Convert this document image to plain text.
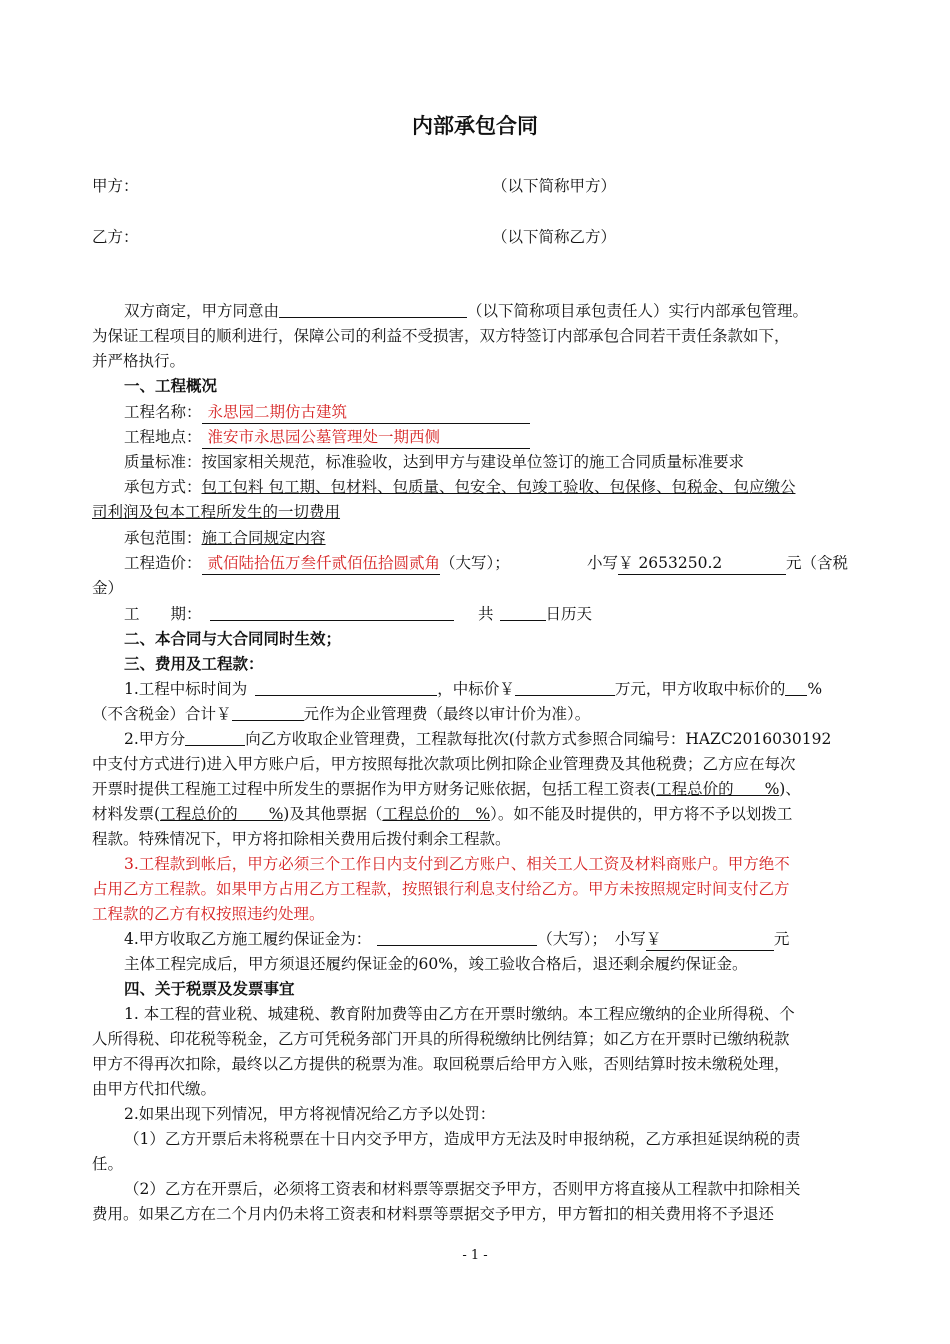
内部承包合同
甲方：	（以下简称甲方）
乙方：	（以下简称乙方）
双方商定，甲方同意由	（以下简称项目承包责任人）实行内部承包管理。
为保证工程项目的顺利进行，保障公司的利益不受损害，双方特签订内部承包合同若干责任条款如下，
并严格执行。
一、工程概况
工程名称： 永思园二期仿古建筑
工程地点： 淮安市永思园公墓管理处一期西侧
质量标准：按国家相关规范，标准验收，达到甲方与建设单位签订的施工合同质量标准要求
承包方式：包工包料 包工期、包材料、包质量、包安全、包竣工验收、包保修、包税金、包应缴公
司利润及包本工程所发生的一切费用
承包范围：施工合同规定内容
工程造价： 贰佰陆拾伍万叁仟贰佰伍拾圆贰角（大写）；	小写￥ 2653250.2	元（含税
金）
工　　期：	共	日历天
二、本合同与大合同同时生效；
三、费用及工程款：
1.工程中标时间为	，中标价￥	万元，甲方收取中标价的 %
（不含税金）合计￥	元作为企业管理费（最终以审计价为准）。
2.甲方分	向乙方收取企业管理费，工程款每批次(付款方式参照合同编号：HAZC2016030192
中支付方式进行)进入甲方账户后，甲方按照每批次款项比例扣除企业管理费及其他税费；乙方应在每次
开票时提供工程施工过程中所发生的票据作为甲方财务记账依据，包括工程工资表(工程总价的　　%)、
材料发票(工程总价的　　%)及其他票据（工程总价的　%）。如不能及时提供的，甲方将不予以划拨工
程款。特殊情况下，甲方将扣除相关费用后拨付剩余工程款。
3.工程款到帐后，甲方必须三个工作日内支付到乙方账户、相关工人工资及材料商账户。甲方绝不
占用乙方工程款。如果甲方占用乙方工程款，按照银行利息支付给乙方。甲方未按照规定时间支付乙方
工程款的乙方有权按照违约处理。
4.甲方收取乙方施工履约保证金为：	（大写）；　小写￥	元
主体工程完成后，甲方须退还履约保证金的60%，竣工验收合格后，退还剩余履约保证金。
四、关于税票及发票事宜
1. 本工程的营业税、城建税、教育附加费等由乙方在开票时缴纳。本工程应缴纳的企业所得税、个
人所得税、印花税等税金，乙方可凭税务部门开具的所得税缴纳比例结算；如乙方在开票时已缴纳税款
甲方不得再次扣除，最终以乙方提供的税票为准。取回税票后给甲方入账，否则结算时按未缴税处理，
由甲方代扣代缴。
2.如果出现下列情况，甲方将视情况给乙方予以处罚：
（1）乙方开票后未将税票在十日内交予甲方，造成甲方无法及时申报纳税，乙方承担延误纳税的责
任。
（2）乙方在开票后，必须将工资表和材料票等票据交予甲方，否则甲方将直接从工程款中扣除相关
费用。如果乙方在二个月内仍未将工资表和材料票等票据交予甲方，甲方暂扣的相关费用将不予退还
- 1 -
